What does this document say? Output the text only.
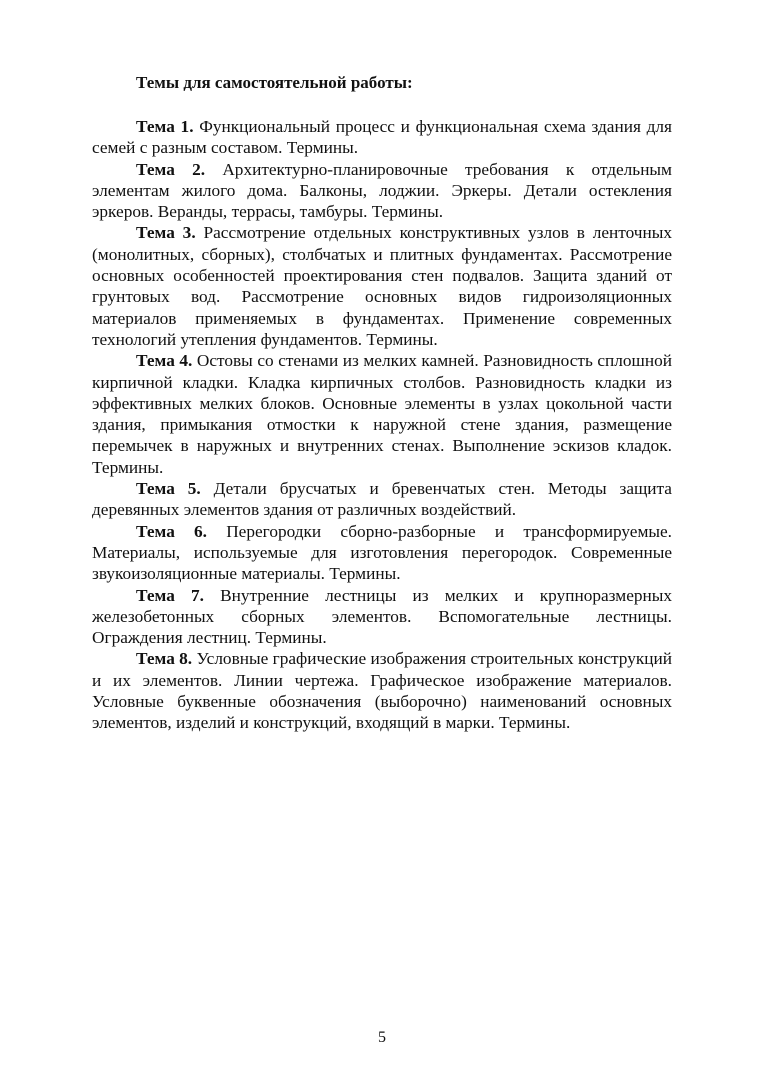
Темы для самостоятельной работы:

Тема 1. Функциональный процесс и функциональная схема здания для семей с разным составом. Термины.

Тема 2. Архитектурно-планировочные требования к отдельным элементам жилого дома. Балконы, лоджии. Эркеры. Детали остекления эркеров. Веранды, террасы, тамбуры. Термины.

Тема 3. Рассмотрение отдельных конструктивных узлов в ленточных (монолитных, сборных), столбчатых и плитных фундаментах. Рассмотрение основных особенностей проектирования стен подвалов. Защита зданий от грунтовых вод. Рассмотрение основных видов гидроизоляционных материалов применяемых в фундаментах. Применение современных технологий утепления фундаментов. Термины.

Тема 4. Остовы со стенами из мелких камней. Разновидность сплошной кирпичной кладки. Кладка кирпичных столбов. Разновидность кладки из эффективных мелких блоков. Основные элементы в узлах цокольной части здания, примыкания отмостки к наружной стене здания, размещение перемычек в наружных и внутренних стенах. Выполнение эскизов кладок. Термины.

Тема 5. Детали брусчатых и бревенчатых стен. Методы защита деревянных элементов здания от различных воздействий.

Тема 6. Перегородки сборно-разборные и трансформируемые. Материалы, используемые для изготовления перегородок. Современные звукоизоляционные материалы. Термины.

Тема 7. Внутренние лестницы из мелких и крупноразмерных железобетонных сборных элементов. Вспомогательные лестницы. Ограждения лестниц. Термины.

Тема 8. Условные графические изображения строительных конструкций и их элементов. Линии чертежа. Графическое изображение материалов. Условные буквенные обозначения (выборочно) наименований основных элементов, изделий и конструкций, входящий в марки. Термины.

5
